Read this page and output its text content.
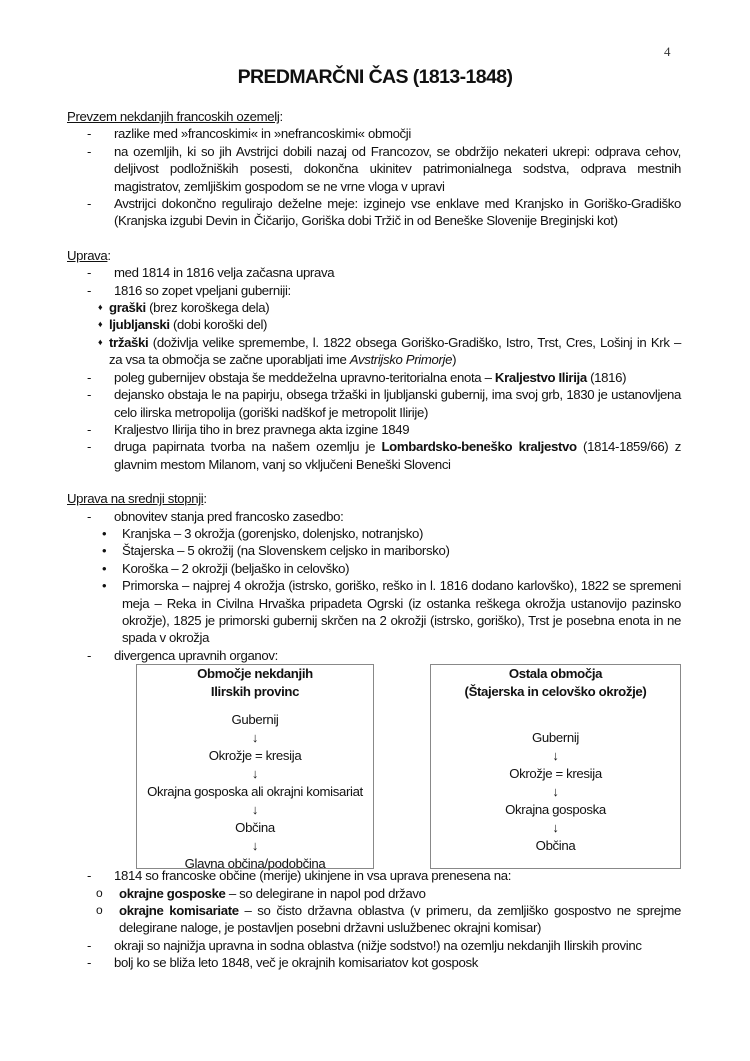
4
PREDMARČNI ČAS (1813-1848)
Prevzem nekdanjih francoskih ozemelj:
- razlike med »francoskimi« in »nefrancoskimi« območji
- na ozemljih, ki so jih Avstrijci dobili nazaj od Francozov, se obdržijo nekateri ukrepi: odprava cehov, deljivost podložniških posesti, dokončna ukinitev patrimonialnega sodstva, odprava mestnih magistratov, zemljiškim gospodom se ne vrne vloga v upravi
- Avstrijci dokončno regulirajo deželne meje: izginejo vse enklave med Kranjsko in Goriško-Gradiško (Kranjska izgubi Devin in Čičarijo, Goriška dobi Tržič in od Beneške Slovenije Breginjski kot)
Uprava:
- med 1814 in 1816 velja začasna uprava
- 1816 so zopet vpeljani guberniji:
♦ graški (brez koroškega dela)
♦ ljubljanski (dobi koroški del)
♦ tržaški (doživlja velike spremembe, l. 1822 obsega Goriško-Gradiško, Istro, Trst, Cres, Lošinj in Krk – za vsa ta območja se začne uporabljati ime Avstrijsko Primorje)
- poleg gubernijev obstaja še meddeželna upravno-teritorialna enota – Kraljestvo Ilirija (1816)
- dejansko obstaja le na papirju, obsega tržaški in ljubljanski gubernij, ima svoj grb, 1830 je ustanovljena celo ilirska metropolija (goriški nadškof je metropolit Ilirije)
- Kraljestvo Ilirija tiho in brez pravnega akta izgine 1849
- druga papirnata tvorba na našem ozemlju je Lombardsko-beneško kraljestvo (1814-1859/66) z glavnim mestom Milanom, vanj so vključeni Beneški Slovenci
Uprava na srednji stopnji:
- obnovitev stanja pred francosko zasedbo:
• Kranjska – 3 okrožja (gorenjsko, dolenjsko, notranjsko)
• Štajerska – 5 okrožij (na Slovenskem celjsko in mariborsko)
• Koroška – 2 okrožji (beljaško in celovško)
• Primorska – najprej 4 okrožja (istrsko, goriško, reško in l. 1816 dodano karlovško), 1822 se spremeni meja – Reka in Civilna Hrvaška pripadeta Ogrski (iz ostanka reškega okrožja ustanovijo pazinsko okrožje), 1825 je primorski gubernij skrčen na 2 okrožji (istrsko, goriško), Trst je posebna enota in ne spada v okrožja
- divergenca upravnih organov:
Območje nekdanjih
Ilirskih provinc
Gubernij
↓
Okrožje = kresija
↓
Okrajna gosposka ali okrajni komisariat
↓
Občina
↓
Glavna občina/podobčina
Ostala območja
(Štajerska in celovško okrožje)
Gubernij
↓
Okrožje = kresija
↓
Okrajna gosposka
↓
Občina
- 1814 so francoske občine (merije) ukinjene in vsa uprava prenesena na:
o okrajne gosposke – so delegirane in napol pod državo
o okrajne komisariate – so čisto državna oblastva (v primeru, da zemljiško gospostvo ne sprejme delegirane naloge, je postavljen posebni državni uslužbenec okrajni komisar)
- okraji so najnižja upravna in sodna oblastva (nižje sodstvo!) na ozemlju nekdanjih Ilirskih provinc
- bolj ko se bliža leto 1848, več je okrajnih komisariatov kot gosposk
